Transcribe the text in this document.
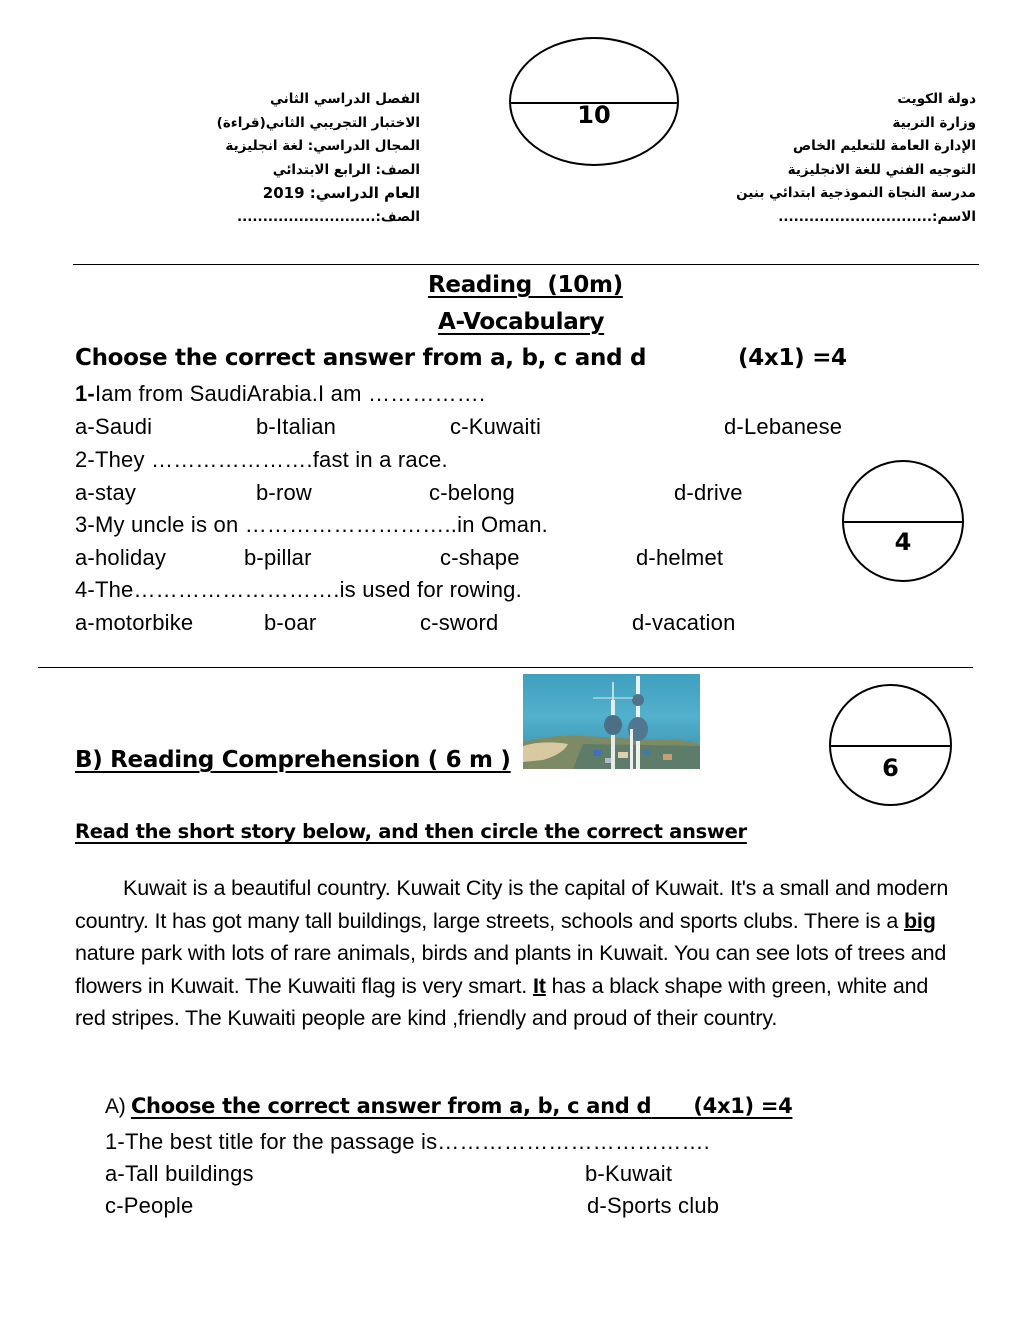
دولة الكويت
وزارة التربية
الإدارة العامة للتعليم الخاص
التوجيه الفني للغة الانجليزية
مدرسة النجاة النموذجية ابتدائي بنين
الاسم:..............................
الفصل الدراسي الثاني
الاختبار التجريبي الثاني(قراءة)
المجال الدراسي: لغة انجليزية
الصف: الرابع الابتدائي
العام الدراسي: 2019
الصف:...........................
10
Reading  (10m)
A-Vocabulary
Choose the correct answer from a, b, c and d	(4x1) =4
1-Iam from SaudiArabia.I am …………….
a-Saudi	b-Italian	c-Kuwaiti	d-Lebanese
2-They ………………….fast in a race.
a-stay	b-row	c-belong	d-drive
3-My uncle is on ………………………..in Oman.
a-holiday	b-pillar	c-shape	d-helmet
4-The……………………….is used for rowing.
a-motorbike	b-oar	c-sword	d-vacation
4
B) Reading Comprehension ( 6 m )	6
Read the short story below, and then circle the correct answer
Kuwait is a beautiful country. Kuwait City is the capital of Kuwait. It's a small and modern country. It has got many tall buildings, large streets, schools and sports clubs. There is a big nature park with lots of rare animals, birds and plants in Kuwait. You can see lots of trees and flowers in Kuwait. The Kuwaiti flag is very smart. It has a black shape with green, white and red stripes. The Kuwaiti people are kind ,friendly and proud of their country.
A) Choose the correct answer from a, b, c and d (4x1) =4
1-The best title for the passage is……………………………….
a-Tall buildings	b-Kuwait
c-People	d-Sports club
